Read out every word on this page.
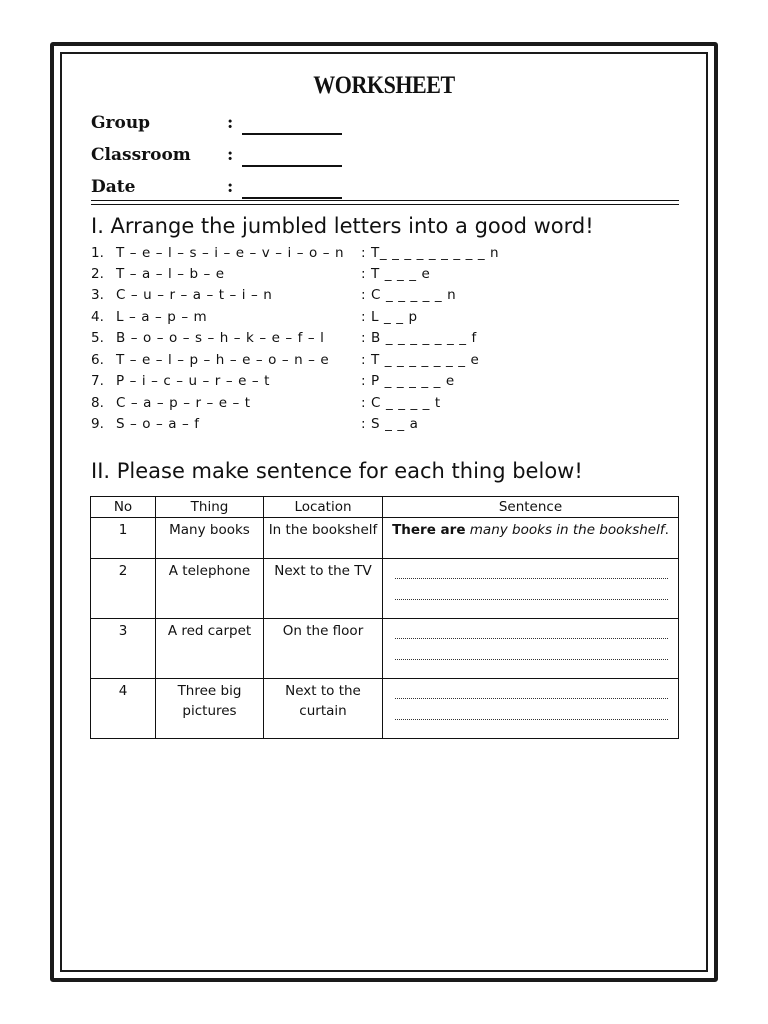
WORKSHEET
Group	:
Classroom :
Date	:
I. Arrange the jumbled letters into a good word!
1. T – e – l – s – i – e – v – i – o – n : T_ _ _ _ _ _ _ _ _ n
2. T – a – l – b – e	: T _ _ _ e
3. C – u – r – a – t – i – n	: C _ _ _ _ _ n
4. L – a – p – m	: L _ _ p
5. B – o – o – s – h – k – e – f – l	: B _ _ _ _ _ _ _ f
6. T – e – l – p – h – e – o – n – e : T _ _ _ _ _ _ _ e
7. P – i – c – u – r – e – t	: P _ _ _ _ _ e
8. C – a – p – r – e – t	: C _ _ _ _ t
9. S – o – a – f	: S _ _ a
II. Please make sentence for each thing below!
No	Thing	Location	Sentence
1	Many books	In the bookshelf	There are many books in the bookshelf.
2	A telephone	Next to the TV	

3	A red carpet	On the floor	

4	Three big pictures	Next to the curtain	
